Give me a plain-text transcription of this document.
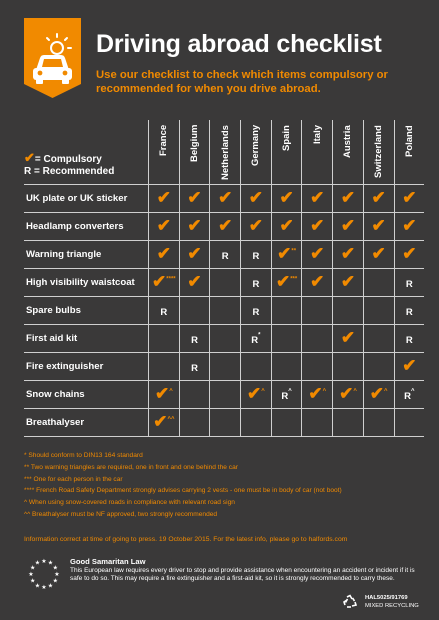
Driving abroad checklist
Use our checklist to check which items compulsory or recommended for when you drive abroad.

	France	Belgium	Netherlands	Germany	Spain	Italy	Austria	Switzerland	Poland

UK plate or UK sticker	✔	✔	✔	✔	✔	✔	✔	✔	✔
Headlamp converters	✔	✔	✔	✔	✔	✔	✔	✔	✔
Warning triangle	✔	✔	R	R	✔**	✔	✔	✔	✔
High visibility waistcoat	✔****	✔		R	✔***	✔	✔		R
Spare bulbs	R			R					R
First aid kit		R		R*			✔		R
Fire extinguisher		R							✔
Snow chains	✔^			✔^	R^	✔^	✔^	✔^	R^
Breathalyser	✔^^								
✔= Compulsory
R = Recommended
* Should conform to DIN13 164 standard
** Two warning triangles are required, one in front and one behind the car
*** One for each person in the car
**** French Road Safety Department strongly advises carrying 2 vests - one must be in body of car (not boot)
^ When using snow-covered roads in compliance with relevant road sign
^^ Breathalyser must be NF approved, two strongly recommended
Information correct at time of going to press. 19 October 2015. For the latest info, please go to halfords.com
★ ★
★
★
★
★
★
★
★
★
★
★	Good Samaritan Law
This European law requires every driver to stop and provide assistance when encountering an accident or incident if it is safe to do so. This may require a fire extinguisher and a first-aid kit, so it is strongly recommended to carry these.
HAL5025/91769
MIXED RECYCLING
